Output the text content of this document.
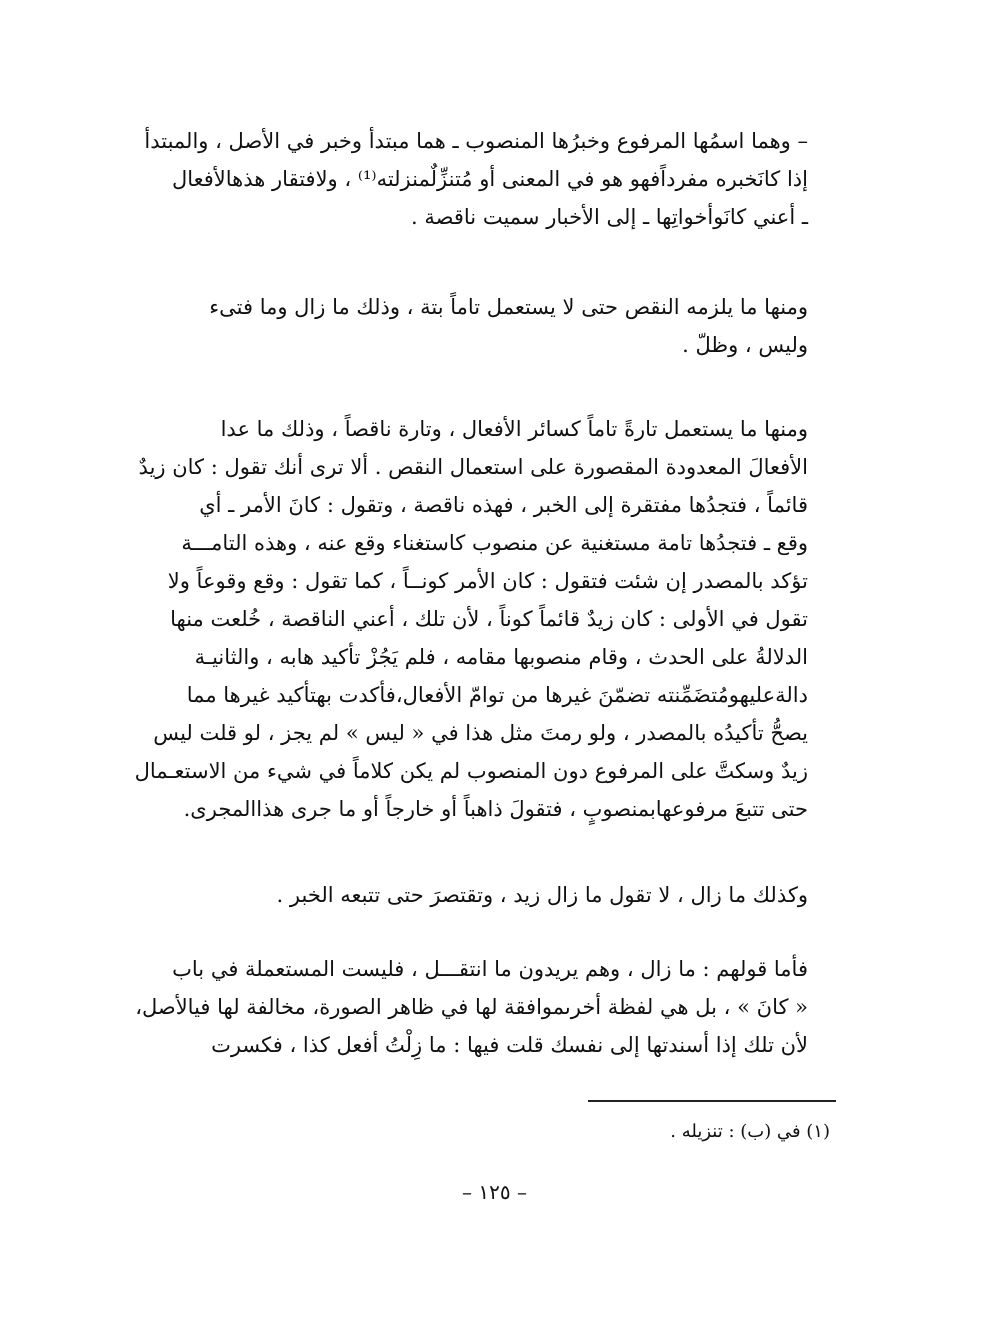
– وهما اسمُها المرفوع وخبرُها المنصوب ـ هما مبتدأ وخبر في الأصل ، والمبتدأ
إذا كانَخبره مفرداًفهو هو في المعنى أو مُتنزِّلٌمنزلته⁽¹⁾ ، ولافتقار هذهالأفعال
ـ أعني كانَوأخواتِها ـ إلى الأخبار سميت ناقصة .
ومنها ما يلزمه النقص حتى لا يستعمل تاماً بتة ، وذلك ما زال وما فتىء
وليس ، وظلّ .
ومنها ما يستعمل تارةً تاماً كسائر الأفعال ، وتارة ناقصاً ، وذلك ما عدا
الأفعالَ المعدودة المقصورة على استعمال النقص . ألا ترى أنك تقول : كان زيدٌ
قائماً ، فتجدُها مفتقرة إلى الخبر ، فهذه ناقصة ، وتقول : كانَ الأمر ـ أي
وقع ـ فتجدُها تامة مستغنية عن منصوب كاستغناء وقع عنه ، وهذه التامـــة
تؤكد بالمصدر إن شئت فتقول : كان الأمر كونــاً ، كما تقول : وقع وقوعاً ولا
تقول في الأولى : كان زيدٌ قائماً كوناً ، لأن تلك ، أعني الناقصة ، خُلعت منها
الدلالةُ على الحدث ، وقام منصوبها مقامه ، فلم يَجُزْ تأكيد هابه ، والثانيـة
دالةعليهومُتضَمِّنته تضمّنَ غيرها من توامّ الأفعال،فأكدت بهتأكيد غيرها مما
يصحُّ تأكيدُه بالمصدر ، ولو رمتَ مثل هذا في « ليس » لم يجز ، لو قلت ليس
زيدٌ وسكتَّ على المرفوع دون المنصوب لم يكن كلاماً في شيء من الاستعـمال
حتى تتبعَ مرفوعهابمنصوبٍ ، فتقولَ ذاهباً أو خارجاً أو ما جرى هذاالمجرى.
وكذلك ما زال ، لا تقول ما زال زيد ، وتقتصرَ حتى تتبعه الخبر .
فأما قولهم : ما زال ، وهم يريدون ما انتقـــل ، فليست المستعملة في باب
« كانَ » ، بل هي لفظة أخرىموافقة لها في ظاهر الصورة، مخالفة لها فيالأصل،
لأن تلك إذا أسندتها إلى نفسك قلت فيها : ما زِلْتُ أفعل كذا ، فكسرت
(١) في (ب) : تنزيله .
– ١٢٥ –
